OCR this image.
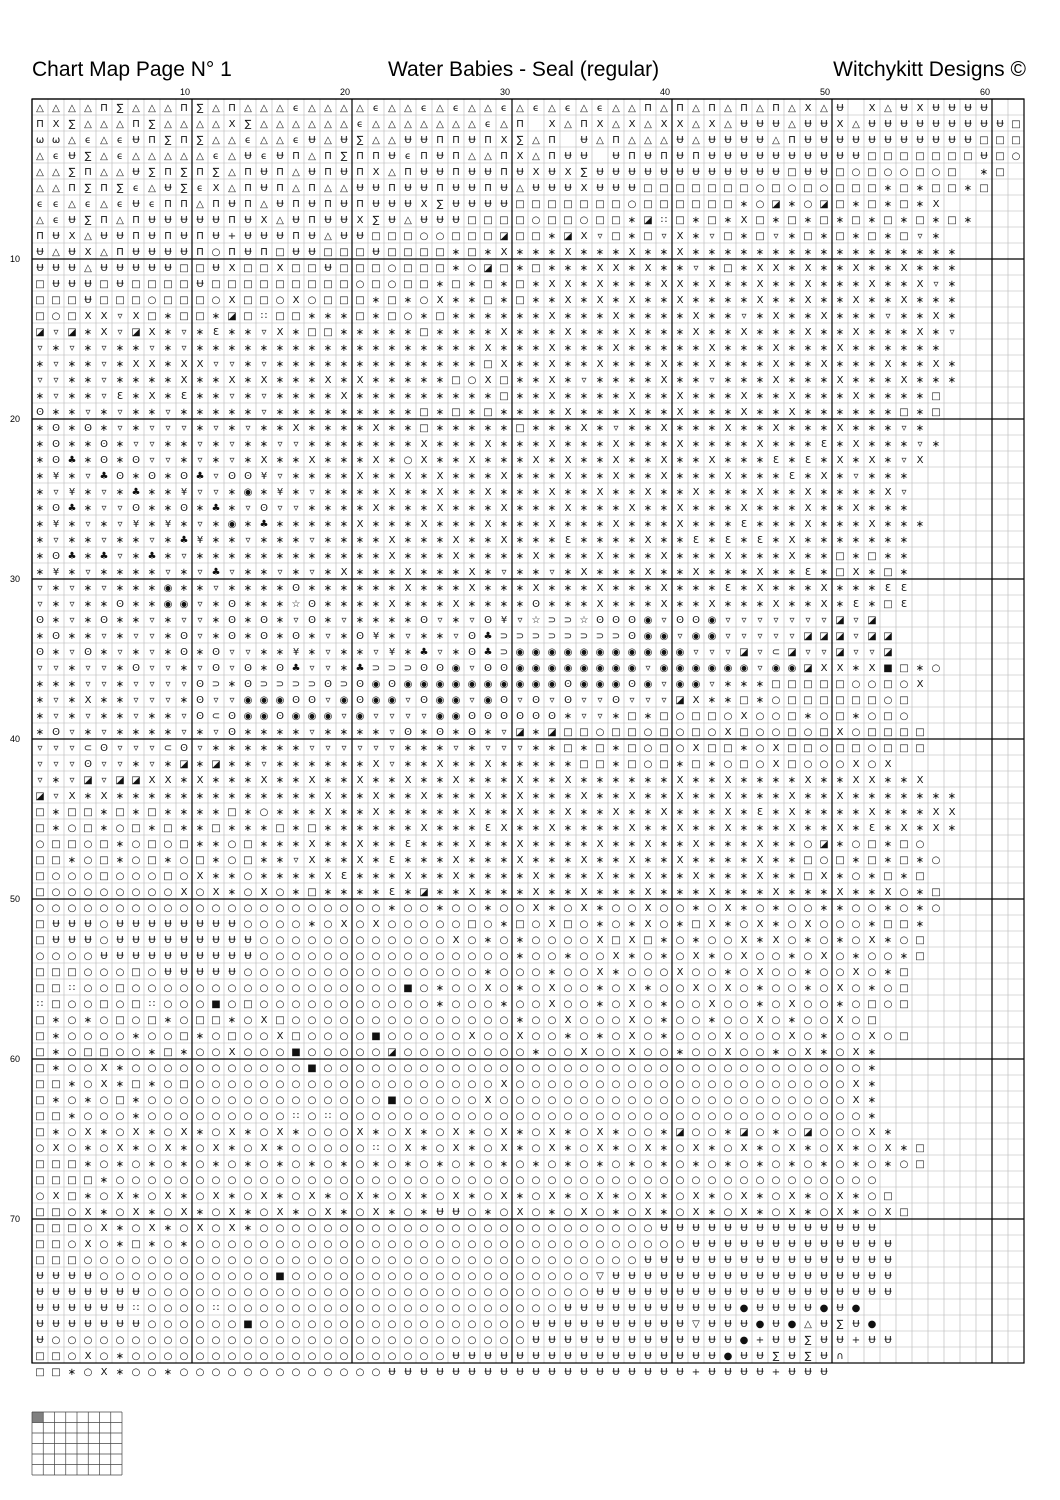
Chart Map Page N° 1	Water Babies - Seal (regular)	Witchykitt Designs ©
10	20	30	40	50	60
10
20
30
40
50
60
70
△ △ △ △ Π ∑ △ △ △ Π ∑ △ Π △ △ △ ϵ △ △ △ △ ϵ △ △ ϵ △ ϵ △ △ ϵ △ ϵ △ ϵ △ ϵ △ △ Π △ Π △ Π △ Π △ Π △ Χ △ Ʉ Χ △ Ʉ Χ Ʉ Ʉ Ʉ Ʉ
Π Χ ∑ △ △ △ Π ∑ △ △ △ △ Χ ∑ △ △ △ △ △ △ ϵ △ △ △ △ △ △ △ ϵ △ Π Χ △ Π Χ △ Χ △ Χ Χ △ Χ △ Ʉ Ʉ Ʉ △ Ʉ Ʉ Χ △ Ʉ Ʉ Ʉ Ʉ Ʉ Ʉ Ʉ Ʉ Ʉ □
ω ω △ ϵ △ ϵ Ʉ Π ∑ Π ∑ △ △ ϵ △ △ ϵ Ʉ △ Ʉ ∑ △ △ Ʉ Ʉ Π Π Ʉ Π Χ ∑ △ Π Ʉ △ Π △ △ △ Ʉ △ Ʉ Ʉ Ʉ Ʉ △ Π Ʉ Ʉ Ʉ Ʉ Ʉ Ʉ Ʉ Ʉ Ʉ Ʉ Ʉ □ □ □
△ ϵ Ʉ ∑ △ ϵ △ △ △ △ △ ϵ △ Ʉ ϵ Ʉ Π △ Π ∑ Π Π Ʉ ϵ Π Ʉ Π △ △ Π Χ △ Π Ʉ Ʉ Ʉ Π Ʉ Π Ʉ Π Ʉ Ʉ Ʉ Ʉ Ʉ Ʉ Ʉ Ʉ Ʉ Ʉ □ □ □ □ □ □ □ Ʉ □ ○
△ △ ∑ Π △ △ Ʉ ∑ Π ∑ Π ∑ △ Π Ʉ Π △ Ʉ Π Ʉ Π Χ △ Π Ʉ Ʉ Π Ʉ Ʉ Π Ʉ Χ Ʉ Χ ∑ Ʉ Ʉ Ʉ Ʉ Ʉ Ʉ Ʉ Ʉ Ʉ Ʉ Ʉ Ʉ □ Ʉ Ʉ □ ○ □ ○ ○ □ ○ □ ∗ □
△ △ Π ∑ Π ∑ ϵ △ Ʉ ∑ ϵ Χ △ Π Ʉ Π △ Π △ △ Ʉ Ʉ Π Ʉ Ʉ Π Ʉ Ʉ Π Ʉ △ Ʉ Ʉ Ʉ Χ Ʉ Ʉ Ʉ □ □ □ □ □ □ □ ○ □ ○ □ ○ □ □ □ ∗ □ ∗ □ □ ∗ □
ϵ ϵ △ ϵ △ ϵ Ʉ ϵ Π Π △ Π Ʉ Π △ Ʉ Π Ʉ Π Ʉ Π Ʉ Ʉ Ʉ Χ ∑ Ʉ Ʉ Ʉ Ʉ □ □ □ □ □ □ □ ○ □ □ □ □ □ □ ∗ ○ ◪ ∗ ○ ◪ □ ∗ □ ∗ □ ∗ X
△ ϵ Ʉ ∑ Π △ Π Ʉ Ʉ Ʉ Ʉ Ʉ Π Ʉ Χ △ Ʉ Π Ʉ Ʉ Χ ∑ Ʉ △ Ʉ Ʉ Ʉ □ □ □ □ ○ □ □ ○ □ □ ∗ ◪ ∷ □ ∗ □ ∗ X □ ∗ □ ∗ □ ∗ □ ∗ □ ∗ □ ∗ □ ∗
Π Ʉ Χ △ Ʉ Ʉ Π Ʉ Π Ʉ Π Ʉ + Ʉ Ʉ Ʉ Π Ʉ △ Ʉ Ʉ □ □ □ ○ ○ □ □ □ ◪ □ □ ∗ ◪ X ▿ □ ∗ □ ▿ X ∗ ▿ □ ∗ □ ▿ ∗ □ ∗ □ ∗ □ ∗ □ ▿ ∗
Ʉ △ Ʉ Χ △ Π Ʉ Ʉ Ʉ Ʉ Π ○ Π Ʉ Π □ Ʉ Ʉ □ □ □ Ʉ □ □ □ □ ∗ □ ∗ X ∗ ∗ ∗ X ∗ ∗ ∗ X ∗ ∗ X ∗ ∗ ∗ ∗ ∗ ∗ ∗ ∗ ∗ ∗ ∗ ∗ ∗ ∗ ∗ ∗ ∗
Ʉ Ʉ Ʉ △ Ʉ Ʉ Ʉ Ʉ Ʉ □ □ Ʉ Χ □ □ Χ □ □ Ʉ □ □ □ ○ □ □ □ ∗ ○ ◪ □ ∗ □ ∗ ∗ ∗ X X ∗ X ∗ ∗ ▿ ∗ □ ∗ X X ∗ X ∗ ∗ X ∗ ∗ X ∗ ∗ ∗
□ Ʉ Ʉ Ʉ □ Ʉ □ □ □ □ Ʉ □ □ □ □ □ □ □ □ □ ○ □ ○ □ □ ∗ □ ∗ □ ∗ □ ∗ X X ∗ X ∗ ∗ ∗ X X ∗ X ∗ ∗ X ∗ ∗ X ∗ ∗ ∗ X ∗ ∗ X ▿ ∗
□ □ □ Ʉ □ □ □ ○ □ □ □ ○ X □ □ ○ X ○ □ □ □ ∗ □ ∗ ○ X ∗ ∗ □ ∗ □ ∗ ∗ X ∗ X ∗ X ∗ ∗ X ∗ ∗ ∗ ∗ X ∗ ∗ X ∗ ∗ X ∗ ∗ X ∗ ∗ ∗
□ ○ □ X X ▿ X □ ∗ □ □ ∗ ◪ □ ∷ □ □ ∗ ∗ ∗ □ ∗ □ ○ ∗ □ ∗ ∗ ∗ ∗ ∗ ∗ X ∗ ∗ ∗ X ∗ ∗ ∗ ∗ X ∗ ∗ ▿ ∗ X ∗ ∗ X ∗ ∗ ∗ ▿ ∗ ∗ X ∗
◪ ▿ ◪ ∗ X ▿ ◪ X ∗ ▿ ∗ Ɛ ∗ ∗ ▿ X ∗ □ □ ∗ ∗ ∗ ∗ ∗ □ ∗ ∗ ∗ ∗ X ∗ ∗ ∗ X ∗ ∗ ∗ X ∗ ∗ ∗ X ∗ ∗ X ∗ ∗ ∗ X ∗ ∗ X ∗ ∗ ∗ X ∗ ▿
▿ ∗ ▿ ∗ ▿ ∗ ∗ ▿ ∗ ▿ ∗ ∗ ∗ ∗ ∗ ∗ ∗ ∗ ∗ ∗ ∗ ∗ ∗ ∗ ∗ ∗ ∗ ∗ X ∗ ∗ ∗ X ∗ ∗ ∗ X ∗ ∗ ∗ ∗ ∗ X ∗ ∗ ∗ X ∗ ∗ ∗ X ∗ ∗ ∗ ∗ ∗ ∗
∗ ▿ ∗ ∗ ▿ ∗ X X ∗ X X ▿ ▿ ∗ ▿ ∗ ∗ ∗ ∗ ∗ ∗ ∗ ∗ ∗ ∗ ∗ ∗ ∗ □ X ∗ ∗ X ∗ ∗ X ∗ ∗ ∗ X ∗ ∗ X ∗ ∗ ∗ X ∗ ∗ X ∗ ∗ ∗ X ∗ ∗ X ∗
▿ ▿ ∗ ∗ ▿ ∗ ∗ ∗ ∗ X ∗ ∗ X ∗ X ∗ ∗ ∗ X ∗ X ∗ ∗ ∗ ∗ ∗ □ ○ X □ ∗ ∗ X ∗ ▿ ∗ ∗ ∗ ∗ X ∗ ∗ ▿ ∗ ∗ ∗ X ∗ ∗ ∗ X ∗ ∗ ∗ X ∗ ∗ ∗
∗ ▿ ∗ ∗ ▿ Ɛ ∗ X ∗ Ɛ ∗ ∗ ▿ ∗ ▿ ∗ ∗ ∗ ∗ X ∗ ∗ ∗ ∗ ∗ ∗ ∗ ∗ ∗ □ ∗ ∗ X ∗ ∗ ∗ ∗ X ∗ ∗ X ∗ ∗ ∗ X ∗ ∗ X ∗ ∗ ∗ X ∗ ∗ ∗ ∗ □
ʘ ∗ ∗ ▿ ∗ ▿ ∗ ∗ ▿ ∗ ∗ ∗ ∗ ∗ ▿ ∗ ∗ ∗ ∗ ∗ ∗ ∗ ∗ ∗ □ ∗ □ ∗ □ ∗ ∗ ∗ ∗ X ∗ ∗ ∗ X ∗ ∗ X ∗ ∗ ∗ X ∗ ∗ X ∗ ∗ ∗ ∗ ∗ ∗ □ ∗ □
∗ ʘ ∗ ʘ ∗ ▿ ∗ ▿ ▿ ▿ ∗ ▿ ∗ ▿ ∗ ∗ X ∗ ∗ ∗ ∗ X ∗ ∗ □ ∗ ∗ ∗ ∗ ∗ □ ∗ ∗ ∗ X ∗ ▿ ∗ ∗ X ∗ ∗ ∗ X ∗ ∗ X ∗ ∗ ∗ X ∗ ∗ ∗ ▿ ∗
∗ ʘ ∗ ∗ ʘ ∗ ▿ ▿ ∗ ∗ ▿ ∗ ▿ ∗ ∗ ▿ ▿ ∗ ∗ ∗ ∗ ∗ ∗ ∗ X ∗ ∗ ∗ X ∗ ∗ ∗ X ∗ ∗ ∗ X ∗ ∗ ∗ X ∗ ∗ ∗ ∗ X ∗ ∗ ∗ Ɛ ∗ X ∗ ∗ ∗ ▿ ∗
∗ ʘ ♣ ∗ ʘ ∗ ʘ ▿ ▿ ∗ ▿ ∗ ▿ ∗ X ∗ ∗ X ∗ ∗ ∗ X ∗ ○ X ∗ ∗ X ∗ ∗ ∗ X ∗ X ∗ ∗ X ∗ ∗ X ∗ ∗ X ∗ ∗ ∗ Ɛ ∗ Ɛ ∗ X ∗ X ∗ ▿ X
∗ ¥ ∗ ▿ ♣ ʘ ∗ ʘ ∗ ʘ ♣ ▿ ʘ ʘ ¥ ▿ ∗ ∗ ∗ ∗ X ∗ ∗ X ∗ X ∗ ∗ ∗ X ∗ ∗ ∗ X ∗ ∗ X ∗ ∗ X ∗ ∗ ∗ X ∗ ∗ ∗ Ɛ ∗ X ∗ ▿ ∗ ∗ ∗
∗ ▿ ¥ ∗ ▿ ∗ ♣ ∗ ∗ ¥ ▿ ▿ ∗ ◉ ∗ ¥ ∗ ▿ ∗ ∗ ∗ ∗ X ∗ ∗ X ∗ ∗ X ∗ ∗ ∗ X ∗ ∗ X ∗ ∗ X ∗ ∗ X ∗ ∗ ∗ X ∗ ∗ X ∗ ∗ ∗ ∗ X ▿
∗ ʘ ♣ ∗ ▿ ▿ ʘ ∗ ∗ ʘ ∗ ♣ ∗ ▿ ʘ ▿ ▿ ∗ ∗ ∗ ∗ X ∗ ∗ ∗ X ∗ ∗ ∗ X ∗ ∗ ∗ X ∗ ∗ ∗ X ∗ ∗ X ∗ ∗ ∗ X ∗ ∗ ∗ X ∗ ∗ X ∗ ∗ ∗
∗ ¥ ∗ ▿ ∗ ▿ ¥ ∗ ¥ ∗ ▿ ∗ ◉ ∗ ♣ ∗ ∗ ∗ ∗ ∗ X ∗ ∗ ∗ X ∗ ∗ ∗ X ∗ ∗ ∗ X ∗ ∗ ∗ X ∗ ∗ ∗ X ∗ ∗ ∗ Ɛ ∗ ∗ ∗ X ∗ ∗ ∗ X ∗ ∗ ∗
∗ ▿ ∗ ∗ ▿ ∗ ∗ ▿ ∗ ♣ ¥ ∗ ∗ ▿ ∗ ∗ ∗ ▿ ∗ ∗ ∗ ∗ X ∗ ∗ ∗ X ∗ ∗ X ∗ ∗ ∗ Ɛ ∗ ∗ ∗ ∗ X ∗ ∗ Ɛ ∗ Ɛ ∗ Ɛ ∗ X ∗ ∗ ∗ ∗ ∗ ∗ ∗
∗ ʘ ♣ ∗ ♣ ▿ ∗ ♣ ∗ ▿ ∗ ∗ ∗ ∗ ∗ ∗ ∗ ∗ ∗ ∗ ∗ ∗ X ∗ ∗ ∗ X ∗ ∗ ∗ ∗ X ∗ ∗ ∗ X ∗ ∗ ∗ X ∗ ∗ ∗ X ∗ ∗ ∗ X ∗ ∗ □ ∗ □ ∗ ∗
∗ ¥ ∗ ▿ ∗ ∗ ∗ ∗ ▿ ∗ ▿ ♣ ▿ ∗ ∗ ▿ ∗ ▿ ∗ X ∗ ∗ ∗ X ∗ ∗ ∗ X ∗ ▿ ∗ ∗ ▿ ∗ X ∗ ∗ ∗ X ∗ ∗ X ∗ ∗ ∗ X ∗ ∗ Ɛ ∗ □ X ∗ □ ∗
▿ ∗ ▿ ∗ ▿ ∗ ∗ ∗ ◉ ∗ ∗ ▿ ∗ ∗ ∗ ∗ ʘ ∗ ∗ ∗ ∗ ∗ ∗ X ∗ ∗ ∗ X ∗ ∗ ∗ X ∗ ∗ ∗ X ∗ ∗ ∗ X ∗ ∗ ∗ Ɛ ∗ X ∗ ∗ ∗ X ∗ ∗ ∗ Ɛ Ɛ
▿ ∗ ▿ ∗ ∗ ʘ ∗ ∗ ◉ ◉ ▿ ∗ ʘ ∗ ∗ ∗ ☆ ʘ ∗ ∗ ∗ ∗ X ∗ ∗ ∗ X ∗ ∗ ∗ ∗ ʘ ∗ ∗ ∗ X ∗ ∗ ∗ X ∗ ∗ X ∗ ∗ ∗ X ∗ ∗ X ∗ Ɛ ∗ □ Ɛ
ʘ ∗ ▿ ∗ ʘ ∗ ∗ ▿ ∗ ▿ ▿ ∗ ʘ ∗ ʘ ∗ ▿ ʘ ∗ ▿ ∗ ∗ ∗ ∗ ʘ ▿ ∗ ▿ ʘ ¥ ▿ ☆ ⊃ ⊃ ☆ ʘ ʘ ʘ ◉ ▿ ʘ ʘ ◉ ▿ ▿ ▿ ▿ ▿ ▿ ▿ ◪ ▿ ◪
∗ ʘ ∗ ∗ ▿ ∗ ▿ ▿ ∗ ʘ ▿ ∗ ʘ ∗ ʘ ∗ ʘ ∗ ▿ ∗ ʘ ¥ ∗ ▿ ∗ ∗ ▿ ʘ ♣ ⊃ ⊃ ⊃ ⊃ ⊃ ⊃ ⊃ ⊃ ʘ ◉ ◉ ▿ ◉ ◉ ▿ ▿ ▿ ▿ ▿ ◪ ◪ ◪ ▿ ◪ ◪
ʘ ∗ ▿ ʘ ∗ ▿ ∗ ▿ ∗ ʘ ∗ ʘ ▿ ▿ ∗ ∗ ¥ ∗ ▿ ∗ ∗ ▿ ¥ ∗ ♣ ▿ ∗ ʘ ♣ ⊃ ◉ ◉ ◉ ◉ ◉ ◉ ◉ ◉ ◉ ◉ ◉ ▿ ▿ ▿ ◪ ▿ ⊂ ◪ ▿ ▿ ◪ ▿ ▿ ◪
▿ ▿ ∗ ▿ ▿ ∗ ʘ ▿ ▿ ∗ ▿ ʘ ▿ ʘ ∗ ʘ ♣ ▿ ▿ ∗ ♣ ⊃ ⊃ ⊃ ʘ ʘ ◉ ▿ ʘ ʘ ◉ ◉ ◉ ◉ ◉ ◉ ◉ ◉ ▿ ◉ ◉ ◉ ◉ ◉ ◉ ▿ ◉ ◉ ◪ X X ∗ X ■ □ ∗ ○
∗ ∗ ∗ ▿ ▿ ∗ ▿ ▿ ▿ ▿ ʘ ⊃ ∗ ʘ ⊃ ⊃ ⊃ ⊃ ʘ ⊃ ʘ ◉ ʘ ◉ ◉ ◉ ◉ ◉ ◉ ◉ ◉ ◉ ◉ ʘ ◉ ◉ ◉ ʘ ◉ ▿ ◉ ◉ ▿ ∗ ∗ ∗ □ □ □ □ □ ○ ○ □ ○ X
∗ ▿ ∗ X ∗ ∗ ▿ ▿ ▿ ∗ ʘ ▿ ▿ ◉ ◉ ◉ ʘ ʘ ▿ ◉ ʘ ◉ ◉ ▿ ʘ ◉ ◉ ▿ ◉ ʘ ▿ ʘ ▿ ʘ ▿ ▿ ʘ ▿ ▿ ▿ ◪ X ∗ ∗ □ ∗ ○ □ □ □ □ □ □ ○ □
∗ ▿ ∗ ▿ ∗ ∗ ▿ ∗ ∗ ▿ ʘ ⊂ ʘ ◉ ◉ ʘ ◉ ◉ ◉ ▿ ◉ ▿ ▿ ▿ ▿ ◉ ◉ ʘ ʘ ʘ ʘ ʘ ʘ ∗ ▿ ▿ ∗ □ ∗ □ ○ □ □ ○ X ○ ○ □ ∗ ○ □ ∗ ○ □ ○
∗ ʘ ▿ ∗ ▿ ∗ ∗ ∗ ∗ ▿ ∗ ▿ ʘ ∗ ∗ ∗ ∗ ▿ ∗ ∗ ∗ ∗ ▿ ʘ ∗ ʘ ∗ ʘ ∗ ▿ ◪ ∗ ◪ □ □ ○ □ □ ○ □ ○ □ ○ X □ ○ ○ □ ○ □ X ○ □ □ □ □
▿ ▿ ▿ ⊂ ʘ ▿ ▿ ▿ ⊂ ʘ ▿ ∗ ∗ ∗ ∗ ∗ ∗ ▿ ▿ ▿ ▿ ▿ ▿ ∗ ∗ ∗ ▿ ∗ ▿ ▿ ▿ ∗ ∗ □ ∗ □ ∗ □ ○ □ ○ X □ □ ∗ ○ X □ □ ○ □ □ ○ □ □ □
▿ ▿ ▿ ʘ ▿ ▿ ∗ ▿ ∗ ◪ ∗ ◪ ∗ ∗ ▿ ∗ ∗ ∗ ∗ ∗ ∗ X ▿ ∗ ∗ X ∗ ∗ X ∗ ∗ ∗ ∗ ∗ □ □ ∗ □ ○ □ ∗ □ ∗ ○ □ ○ X □ ○ ○ ○ X ○ X
▿ ∗ ▿ ◪ ▿ ◪ ◪ X X ∗ X ∗ ∗ ∗ X ∗ ∗ X ∗ ∗ X ∗ ∗ X ∗ ∗ X ∗ ∗ ∗ X ∗ ∗ X ∗ ∗ ∗ ∗ ∗ ∗ X ∗ ∗ X ∗ ∗ ∗ ∗ X ∗ ∗ X X ∗ ∗ X
◪ ▿ X ∗ X ∗ ∗ ∗ ∗ ∗ ∗ ∗ ∗ ∗ ∗ ∗ ∗ ∗ X ∗ ∗ X ∗ ∗ X ∗ ∗ ∗ X ∗ X ∗ ∗ ∗ X ∗ ∗ X ∗ ∗ X ∗ ∗ X ∗ ∗ ∗ X ∗ ∗ X ∗ ∗ ∗ ∗ ∗ ∗ ∗
□ ∗ □ □ ∗ □ ∗ □ ∗ ∗ ∗ ∗ □ ∗ ○ ∗ ∗ ∗ X ∗ ∗ X ∗ ∗ ∗ ∗ ∗ X ∗ ∗ X ∗ ∗ X ∗ ∗ X ∗ ∗ X ∗ ∗ ∗ X ∗ Ɛ ∗ X ∗ ∗ ∗ ∗ X ∗ ∗ ∗ X X
□ ∗ ○ □ ∗ ○ □ ∗ □ ∗ ∗ □ ∗ ∗ ∗ □ ∗ □ ∗ ∗ ∗ ∗ ∗ ∗ X ∗ ∗ ∗ Ɛ X ∗ ∗ X ∗ ∗ ∗ ∗ X ∗ ∗ X ∗ ∗ X ∗ ∗ ∗ X ∗ ∗ X ∗ Ɛ ∗ X ∗ X ∗
○ □ □ ○ □ ∗ ○ □ ○ □ ∗ ∗ ○ □ ∗ ∗ ∗ X ∗ ∗ X ∗ ∗ Ɛ ∗ ∗ ∗ X ∗ ∗ X ∗ ∗ ∗ ∗ X ∗ ∗ X ∗ ∗ X ∗ ∗ ∗ X ∗ ∗ ○ ◪ ∗ ○ □ ∗ □ ○
□ □ ∗ ○ □ ∗ ○ □ ∗ ○ □ ∗ ○ □ ∗ ∗ ▿ X ∗ ∗ X ∗ Ɛ ∗ ∗ ∗ X ∗ ∗ ∗ X ∗ ∗ ∗ X ∗ ∗ X ∗ ∗ X ∗ ∗ ∗ ∗ X ∗ ∗ □ ○ □ ∗ □ ∗ □ ∗ ○
□ ○ ○ ○ □ ○ ○ ○ □ ○ X ∗ ∗ ○ ∗ ∗ ∗ ∗ X Ɛ ∗ ∗ ∗ X ∗ ∗ X ∗ ∗ ∗ ∗ X ∗ ∗ ∗ X ∗ ∗ X ∗ ∗ X ∗ ∗ ∗ X ∗ ∗ □ X ∗ ○ ∗ □ ∗ □
□ ○ ○ ○ ○ ○ ○ ○ ○ X ○ X ∗ ○ X ○ ∗ □ ∗ ∗ ∗ ∗ Ɛ ∗ ◪ ∗ ∗ X ∗ ∗ ∗ X ∗ ∗ X ∗ ∗ ∗ X ∗ ∗ ∗ X ∗ ∗ ∗ X ∗ ∗ ∗ X ∗ ∗ X ○ ∗ □
○ ○ ○ ○ ○ ○ ○ ○ ○ ○ ○ ○ ○ ○ ○ ○ ○ ○ ○ ○ ○ ○ ∗ ○ ○ ∗ ○ ○ ∗ ○ ○ X ∗ ○ X ∗ ○ ○ X ○ ○ ∗ ○ X ∗ ○ ∗ ○ ○ ∗ ∗ ○ ○ ∗ ○ ∗ ○
□ Ʉ Ʉ Ʉ ○ Ʉ Ʉ Ʉ Ʉ Ʉ Ʉ Ʉ Ʉ ○ ○ ○ ○ ∗ ○ X ○ X ○ ○ ○ ○ ○ □ ○ ∗ □ ○ X □ ○ ∗ ○ ∗ X ○ ∗ □ X ∗ ○ X ∗ ○ X ○ ○ ○ ∗ □ □ ∗
□ Ʉ Ʉ Ʉ ○ Ʉ Ʉ Ʉ Ʉ Ʉ Ʉ Ʉ Ʉ Ʉ ○ ○ ○ ○ ○ ○ ○ ○ ○ ○ ○ ○ X ○ ∗ ○ ∗ ○ ○ ○ ○ X □ X □ ∗ ○ ∗ ○ ○ X ∗ X ○ ∗ ○ ∗ ○ X ∗ ○ □
○ ○ ○ ○ Ʉ Ʉ Ʉ Ʉ Ʉ Ʉ Ʉ Ʉ Ʉ Ʉ ○ ○ ○ ○ ○ ○ ○ ○ ○ ○ ○ ○ ○ ○ ○ ○ ∗ ○ ○ ∗ ○ ○ X ∗ ○ ∗ ○ X ∗ ○ X ○ ○ ∗ ○ X ○ ∗ ○ ○ ∗ □
□ □ □ ○ ○ ○ □ ○ Ʉ Ʉ Ʉ Ʉ Ʉ ○ ○ ○ ○ ○ ○ ○ ○ ○ ○ ○ ○ ○ ○ ○ ∗ ○ ○ ○ ∗ ○ ○ X ∗ ○ ○ ○ X ○ ○ ∗ ○ X ○ ○ ∗ ○ ○ X ○ ∗ □
□ □ ∷ ○ ○ □ ○ ○ ○ ○ ○ ○ ○ ○ ○ ○ ○ ○ ○ ○ ○ ○ ○ ■ ○ ∗ ○ ○ X ○ ∗ ○ X ○ ○ ∗ ○ X ∗ ○ ○ X ○ X ○ ∗ ○ ○ ∗ ○ X ○ ∗ ○ □
∷ □ ○ ○ □ ○ □ ∷ ○ ○ ○ ■ ○ □ ○ ○ ○ ○ ○ ○ ○ ○ ○ ○ ○ ∗ ○ ○ ○ ∗ ○ ○ X ○ ○ ∗ ○ X ○ ∗ ○ ○ X ○ ○ ∗ ○ X ○ ○ ∗ ○ □ ○ □
□ ∗ ○ ∗ ○ □ ○ □ ∗ ○ □ □ ∗ ○ X □ ○ ○ ○ ○ ○ ○ ○ ○ ○ ○ ○ ○ ○ ○ ∗ ○ ○ X ○ ○ ○ X ○ ∗ ○ ○ ∗ ○ ○ X ○ ∗ ○ ○ X ○ □
□ ∗ ○ ○ ○ ○ ∗ ○ ○ □ ∗ ○ □ ○ ○ X □ ○ ○ ○ ○ ■ ○ ○ ○ ○ ○ X ○ ○ X ○ ○ ∗ ○ ∗ ○ X ○ ∗ ○ ○ ○ X ○ ○ ○ X ○ ∗ ○ ○ X ○ □
□ ∗ ○ □ □ ○ ○ ∗ □ ∗ ○ ○ X ○ ○ ○ ■ ○ ○ ○ ○ ○ ◪ ○ ○ ○ ○ ○ ○ ○ ○ ∗ ○ ○ X ○ ○ X ○ ○ ∗ ○ ○ X ○ ○ ∗ ○ X ∗ ○ X ∗
□ ∗ ○ ○ X ∗ ○ ○ ○ ○ ○ ○ ○ ○ ○ ○ ○ ■ ○ ○ ○ ○ ○ ○ ○ ○ ○ ○ ○ ○ ○ ○ ○ ○ ○ ○ ○ ○ ○ ○ ○ ○ ○ ○ ○ ○ ○ ○ ○ ○ ○ ○ ∗
□ □ ∗ ○ X ∗ □ ∗ ○ □ ○ ○ ○ ○ ○ ○ ○ ○ ○ ○ ○ ○ ○ ○ ○ ○ ○ ○ ○ X ○ ○ ○ ○ ○ ○ ○ ○ ○ ○ ○ ○ ○ ○ ○ ○ ○ ○ ○ ○ ○ X ∗
□ ∗ ○ ∗ ○ □ ∗ ○ ○ ○ ○ ○ ○ ○ ○ ○ ○ ○ ○ ○ ○ ○ ■ ○ ○ ○ ○ ○ X ○ ○ ○ ○ ○ ○ ○ ○ ○ ○ ○ ○ ○ ○ ○ ○ ○ ○ ○ ○ ○ ○ X ∗
□ □ ∗ ○ ○ ○ ∗ ○ ○ ○ ○ ○ ○ ○ ○ ○ ∷ ○ ∷ ○ ○ ○ ○ ○ ○ ○ ○ ○ ○ ○ ○ ○ ○ ○ ○ ○ ○ ○ ○ ○ ○ ○ ○ ○ ○ ○ ○ ○ ○ ○ ○ ○ ∗
□ ∗ ○ X ∗ ○ X ∗ ○ X ∗ ○ X ∗ ○ X ∗ ○ ○ ○ X ∗ ○ X ∗ ○ X ∗ ○ X ∗ ○ X ∗ ○ X ∗ ○ ○ ∗ ◪ ○ ○ ∗ ◪ ○ ∗ ○ ◪ ○ ○ ○ X ∗
○ X ○ ∗ ○ X ∗ ○ X ∗ ○ X ∗ ○ X ∗ ○ ○ ○ ○ ○ ∷ ○ X ∗ ○ X ∗ ○ X ∗ ○ X ∗ ○ X ∗ ○ X ∗ ○ X ∗ ○ X ∗ ○ X ∗ ○ X ∗ ○ X ∗ □
□ □ □ ∗ ○ ∗ ○ ∗ ○ ∗ ○ ∗ ○ ∗ ○ ∗ ○ ∗ ○ ∗ ○ ∗ ○ ∗ ○ ∗ ○ ∗ ○ ∗ ○ ∗ ○ ∗ ○ ∗ ○ ∗ ○ ∗ ○ ∗ ○ ∗ ○ ∗ ○ ∗ ○ ∗ ○ ∗ ○ ∗ ○ □
□ □ □ □ ∗ ○ ○ ○ ○ ○ ○ ○ ○ ○ ○ ○ ○ ○ ○ ○ ○ ○ ○ ○ ○ ○ ○ ○ ○ ○ ○ ○ ○ ○ ○ ○ ○ ○ ○ ○ ○ ○ ○ ○ ○ ○ ○ ○ ○ ○ ○ ○ ○
○ X □ ∗ ○ X ∗ ○ X ∗ ○ Χ ∗ ○ X ∗ ○ X ∗ ○ X ∗ ○ X ∗ ○ X ∗ ○ X ∗ ○ X ∗ ○ X ∗ ○ X ∗ ○ X ∗ ○ X ∗ ○ X ∗ ○ X ∗ ○ □
□ □ ○ X ∗ ○ X ∗ ○ X ∗ ○ X ∗ ○ X ∗ ○ X ∗ ○ X ∗ ○ ∗ Ʉ Ʉ ○ ∗ ○ X ○ ∗ ○ X ○ ∗ ○ X ∗ ○ X ∗ ○ X ∗ ○ X ∗ ○ X ∗ ○ X □
□ □ □ ○ X ∗ ○ X ∗ ○ X ○ X ∗ ○ ○ ○ ○ ○ ○ ○ ○ ○ ○ ○ ○ ○ ○ ○ ○ ○ ○ ○ ○ ○ ○ ○ ○ ○ Ʉ Ʉ Ʉ Ʉ Ʉ Ʉ Ʉ Ʉ Ʉ Ʉ Ʉ Ʉ Ʉ Ʉ
□ □ ○ X ○ ∗ □ ∗ ○ ∗ ○ ○ ○ ○ ○ ○ ○ ○ ○ ○ ○ ○ ○ ○ ○ ○ ○ ○ ○ ○ ○ ○ ○ ○ ○ ○ ○ ○ ○ ○ ○ Ʉ Ʉ Ʉ Ʉ Ʉ Ʉ Ʉ Ʉ Ʉ Ʉ Ʉ Ʉ Ʉ
□ □ □ ○ ○ ○ ○ ○ ○ ○ ○ ○ ○ ○ ○ ○ ○ ○ ○ ○ ○ ○ ○ ○ ○ ○ ○ ○ ○ ○ ○ ○ ○ ○ ○ ○ ○ ○ Ʉ Ʉ Ʉ Ʉ Ʉ Ʉ Ʉ Ʉ Ʉ Ʉ Ʉ Ʉ Ʉ Ʉ Ʉ Ʉ
Ʉ Ʉ Ʉ Ʉ ○ ○ ○ ○ ○ ○ ○ ○ ○ ○ ○ ■ ○ ○ ○ ○ ○ ○ ○ ○ ○ ○ ○ ○ ○ ○ ○ ○ ○ ○ ○ ▽ Ʉ Ʉ Ʉ Ʉ Ʉ Ʉ Ʉ Ʉ Ʉ Ʉ Ʉ Ʉ Ʉ Ʉ Ʉ Ʉ Ʉ Ʉ
Ʉ Ʉ Ʉ Ʉ Ʉ Ʉ Ʉ ○ ○ ○ ○ ○ ○ ○ ○ ○ ○ ○ ○ ○ ○ ○ ○ ○ ○ ○ ○ ○ ○ ○ ○ ○ ○ ○ ○ Ʉ Ʉ Ʉ Ʉ Ʉ Ʉ Ʉ Ʉ Ʉ Ʉ Ʉ Ʉ Ʉ Ʉ Ʉ Ʉ Ʉ Ʉ Ʉ
Ʉ Ʉ Ʉ Ʉ Ʉ Ʉ ∷ ○ ○ ○ ○ ∷ ○ ○ ○ ○ ○ ○ ○ ○ ○ ○ ○ ○ ○ ○ ○ ○ ○ ○ ○ ○ ○ Ʉ Ʉ Ʉ Ʉ Ʉ Ʉ Ʉ Ʉ Ʉ Ʉ Ʉ ● Ʉ Ʉ Ʉ Ʉ ● Ʉ ●
Ʉ Ʉ Ʉ Ʉ Ʉ Ʉ Ʉ ○ ○ ○ ○ ○ ○ ■ ○ ○ ○ ○ ○ ○ ○ ○ ○ ○ ○ ○ ○ ○ ○ ○ ○ Ʉ Ʉ Ʉ Ʉ Ʉ Ʉ Ʉ Ʉ Ʉ Ʉ ▽ Ʉ Ʉ Ʉ ● Ʉ ● △ Ʉ ∑ Ʉ ●
Ʉ ○ ○ ○ ○ ○ ○ ○ ○ ○ ○ ○ ○ ○ ○ ○ ○ ○ ○ ○ ○ ○ ○ ○ ○ ○ ○ ○ ○ ○ ○ Ʉ Ʉ Ʉ Ʉ Ʉ Ʉ Ʉ Ʉ Ʉ Ʉ Ʉ Ʉ Ʉ ● + Ʉ Ʉ ∑ Ʉ Ʉ + Ʉ Ʉ
□ □ ○ X ○ ∗ ○ ○ ○ ○ ○ ○ ○ ○ ○ ○ ○ ○ ○ ○ ○ ○ ○ ○ ○ ○ Ʉ Ʉ Ʉ Ʉ Ʉ Ʉ Ʉ Ʉ Ʉ Ʉ Ʉ Ʉ Ʉ Ʉ Ʉ Ʉ Ʉ ● Ʉ Ʉ ∑ Ʉ ∑ Ʉ ∩
□ □ ∗ ○ X ∗ ○ ○ ∗ ○ ○ ○ ○ ○ ○ ○ ○ ○ ○ ○ ○ ○ Ʉ Ʉ Ʉ Ʉ Ʉ Ʉ Ʉ Ʉ Ʉ Ʉ Ʉ Ʉ Ʉ Ʉ Ʉ Ʉ Ʉ Ʉ Ʉ + Ʉ Ʉ Ʉ Ʉ + Ʉ Ʉ Ʉ
